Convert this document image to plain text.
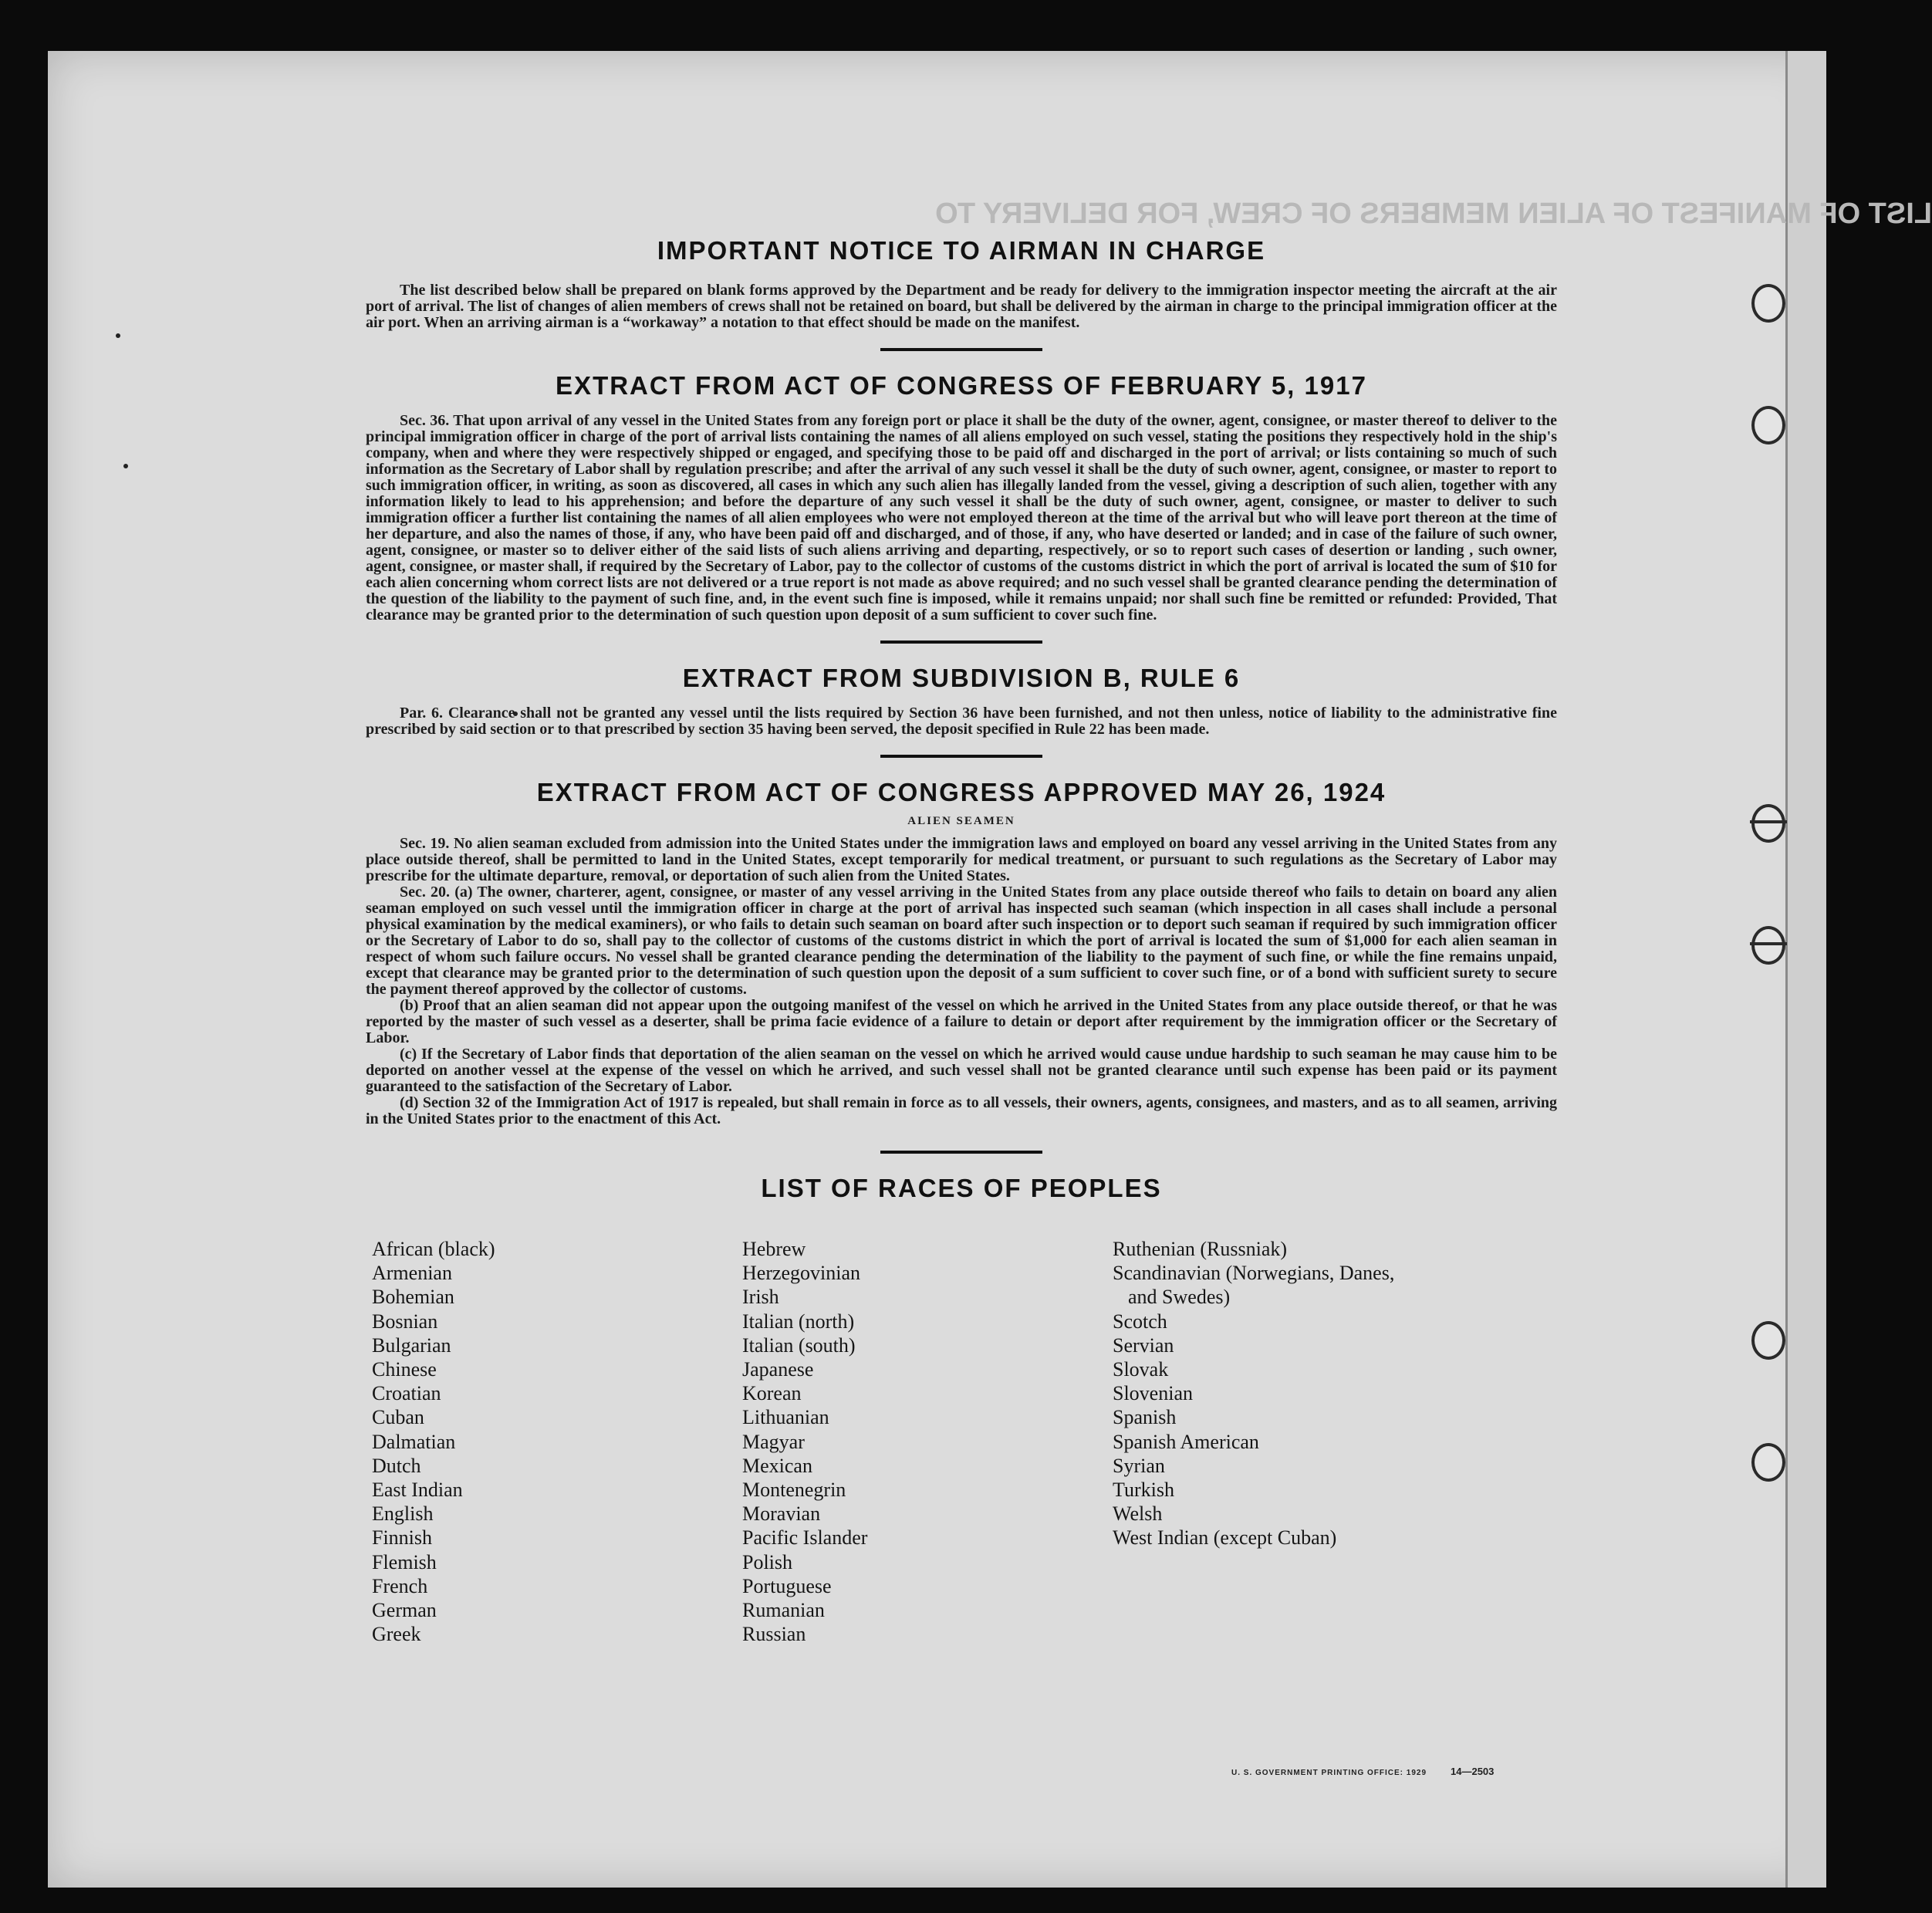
LIST OF MANIFEST OF ALIEN MEMBERS OF CREW, FOR DELIVERY TO
IMPORTANT NOTICE TO AIRMAN IN CHARGE

The list described below shall be prepared on blank forms approved by the Department and be ready for delivery to the immigration inspector meeting the aircraft at the air port of arrival. The list of changes of alien members of crews shall not be retained on board, but shall be delivered by the airman in charge to the principal immigration officer at the air port. When an arriving airman is a “workaway” a notation to that effect should be made on the manifest.

EXTRACT FROM ACT OF CONGRESS OF FEBRUARY 5, 1917

Sec. 36. That upon arrival of any vessel in the United States from any foreign port or place it shall be the duty of the owner, agent, consignee, or master thereof to deliver to the principal immigration officer in charge of the port of arrival lists containing the names of all aliens employed on such vessel, stating the positions they respectively hold in the ship's company, when and where they were respectively shipped or engaged, and specifying those to be paid off and discharged in the port of arrival; or lists containing so much of such information as the Secretary of Labor shall by regulation prescribe; and after the arrival of any such vessel it shall be the duty of such owner, agent, consignee, or master to report to such immigration officer, in writing, as soon as discovered, all cases in which any such alien has illegally landed from the vessel, giving a description of such alien, together with any information likely to lead to his apprehension; and before the departure of any such vessel it shall be the duty of such owner, agent, consignee, or master to deliver to such immigration officer a further list containing the names of all alien employees who were not employed thereon at the time of the arrival but who will leave port thereon at the time of her departure, and also the names of those, if any, who have been paid off and discharged, and of those, if any, who have deserted or landed; and in case of the failure of such owner, agent, consignee, or master so to deliver either of the said lists of such aliens arriving and departing, respectively, or so to report such cases of desertion or landing , such owner, agent, consignee, or master shall, if required by the Secretary of Labor, pay to the collector of customs of the customs district in which the port of arrival is located the sum of $10 for each alien concerning whom correct lists are not delivered or a true report is not made as above required; and no such vessel shall be granted clearance pending the determination of the question of the liability to the payment of such fine, and, in the event such fine is imposed, while it remains unpaid; nor shall such fine be remitted or refunded: Provided, That clearance may be granted prior to the determination of such question upon deposit of a sum sufficient to cover such fine.

EXTRACT FROM SUBDIVISION B, RULE 6

Par. 6. Clearance shall not be granted any vessel until the lists required by Section 36 have been furnished, and not then unless, notice of liability to the administrative fine prescribed by said section or to that prescribed by section 35 having been served, the deposit specified in Rule 22 has been made.

EXTRACT FROM ACT OF CONGRESS APPROVED MAY 26, 1924
ALIEN SEAMEN

Sec. 19. No alien seaman excluded from admission into the United States under the immigration laws and employed on board any vessel arriving in the United States from any place outside thereof, shall be permitted to land in the United States, except temporarily for medical treatment, or pursuant to such regulations as the Secretary of Labor may prescribe for the ultimate departure, removal, or deportation of such alien from the United States.

Sec. 20. (a) The owner, charterer, agent, consignee, or master of any vessel arriving in the United States from any place outside thereof who fails to detain on board any alien seaman employed on such vessel until the immigration officer in charge at the port of arrival has inspected such seaman (which inspection in all cases shall include a personal physical examination by the medical examiners), or who fails to detain such seaman on board after such inspection or to deport such seaman if required by such immigration officer or the Secretary of Labor to do so, shall pay to the collector of customs of the customs district in which the port of arrival is located the sum of $1,000 for each alien seaman in respect of whom such failure occurs. No vessel shall be granted clearance pending the determination of the liability to the payment of such fine, or while the fine remains unpaid, except that clearance may be granted prior to the determination of such question upon the deposit of a sum sufficient to cover such fine, or of a bond with sufficient surety to secure the payment thereof approved by the collector of customs.

(b) Proof that an alien seaman did not appear upon the outgoing manifest of the vessel on which he arrived in the United States from any place outside thereof, or that he was reported by the master of such vessel as a deserter, shall be prima facie evidence of a failure to detain or deport after requirement by the immigration officer or the Secretary of Labor.

(c) If the Secretary of Labor finds that deportation of the alien seaman on the vessel on which he arrived would cause undue hardship to such seaman he may cause him to be deported on another vessel at the expense of the vessel on which he arrived, and such vessel shall not be granted clearance until such expense has been paid or its payment guaranteed to the satisfaction of the Secretary of Labor.

(d) Section 32 of the Immigration Act of 1917 is repealed, but shall remain in force as to all vessels, their owners, agents, consignees, and masters, and as to all seamen, arriving in the United States prior to the enactment of this Act.

LIST OF RACES OF PEOPLES
African (black)
Armenian
Bohemian
Bosnian
Bulgarian
Chinese
Croatian
Cuban
Dalmatian
Dutch
East Indian
English
Finnish
Flemish
French
German
Greek
Hebrew
Herzegovinian
Irish
Italian (north)
Italian (south)
Japanese
Korean
Lithuanian
Magyar
Mexican
Montenegrin
Moravian
Pacific Islander
Polish
Portuguese
Rumanian
Russian
Ruthenian (Russniak)
Scandinavian (Norwegians, Danes,
and Swedes)
Scotch
Servian
Slovak
Slovenian
Spanish
Spanish American
Syrian
Turkish
Welsh
West Indian (except Cuban)
U. S. GOVERNMENT PRINTING OFFICE: 1929 14—2503
